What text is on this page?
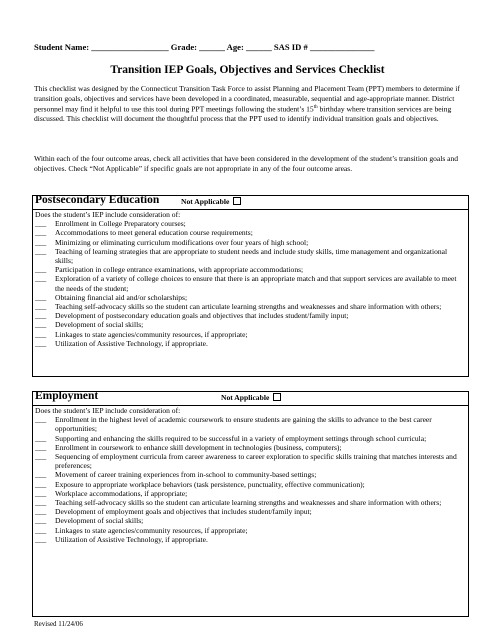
Student Name: __________________ Grade: ______ Age: ______ SAS ID # _______________
Transition IEP Goals, Objectives and Services Checklist
This checklist was designed by the Connecticut Transition Task Force to assist Planning and Placement Team (PPT) members to determine if transition goals, objectives and services have been developed in a coordinated, measurable, sequential and age-appropriate manner. District personnel may find it helpful to use this tool during PPT meetings following the student’s 15th birthday where transition services are being discussed. This checklist will document the thoughtful process that the PPT used to identify individual transition goals and objectives.
Within each of the four outcome areas, check all activities that have been considered in the development of the student’s transition goals and objectives. Check “Not Applicable” if specific goals are not appropriate in any of the four outcome areas.
Postsecondary Education	Not Applicable
Does the student’s IEP include consideration of:
___ Enrollment in College Preparatory courses;
___ Accommodations to meet general education course requirements;
___ Minimizing or eliminating curriculum modifications over four years of high school;
___ Teaching of learning strategies that are appropriate to student needs and include study skills, time management and organizational skills;
___ Participation in college entrance examinations, with appropriate accommodations;
___ Exploration of a variety of college choices to ensure that there is an appropriate match and that support services are available to meet the needs of the student;
___ Obtaining financial aid and/or scholarships;
___ Teaching self-advocacy skills so the student can articulate learning strengths and weaknesses and share information with others;
___ Development of postsecondary education goals and objectives that includes student/family input;
___ Development of social skills;
___ Linkages to state agencies/community resources, if appropriate;
___ Utilization of Assistive Technology, if appropriate.
Employment	Not Applicable
Does the student’s IEP include consideration of:
___ Enrollment in the highest level of academic coursework to ensure students are gaining the skills to advance to the best career opportunities;
___ Supporting and enhancing the skills required to be successful in a variety of employment settings through school curricula;
___ Enrollment in coursework to enhance skill development in technologies (business, computers);
___ Sequencing of employment curricula from career awareness to career exploration to specific skills training that matches interests and preferences;
___ Movement of career training experiences from in-school to community-based settings;
___ Exposure to appropriate workplace behaviors (task persistence, punctuality, effective communication);
___ Workplace accommodations, if appropriate;
___ Teaching self-advocacy skills so the student can articulate learning strengths and weaknesses and share information with others;
___ Development of employment goals and objectives that includes student/family input;
___ Development of social skills;
___ Linkages to state agencies/community resources, if appropriate;
___ Utilization of Assistive Technology, if appropriate.
Revised 11/24/06
